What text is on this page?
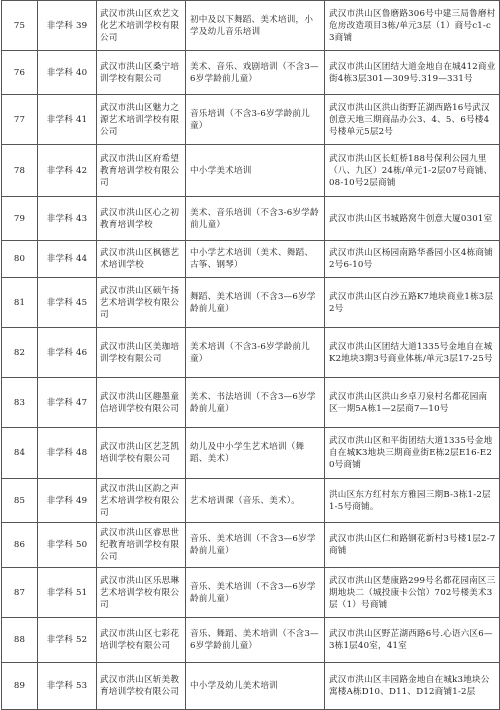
75	非学科 39	武汉市洪山区欢艺文化艺术培训学校有限公司	初中及以下舞蹈、美术培训，小学及幼儿音乐培训	武汉市洪山区鲁磨路306号中建三局鲁磨村危房改造项目3栋/单元3层（1）商号c1-c3商铺
76	非学科 40	武汉市洪山区桑宁培训学校有限公司	美术、音乐、戏剧培训（不含3—6岁学龄前儿童）	武汉市洪山区团结大道金地自在城412商业街4栋3层301—309号.319—331号
77	非学科 41	武汉市洪山区魅力之源艺术培训学校有限公司	音乐培训（不含3-6岁学龄前儿童）	武汉市洪山区洪山街野芷湖西路16号武汉创意天地三期商品办公3、4、5、6号楼4号楼单元5层2号
78	非学科 42	武汉市洪山区府希望教育培训学校有限公司	中小学美术培训	武汉市洪山区长虹桥188号保利公园九里（八、九区）24栋/单元1-2层07号商铺、08-10号2层商铺
79	非学科 43	武汉市洪山区心之初教育培训学校	美术、音乐培训（不含3-6岁学龄前儿童）	武汉市洪山区书城路窝牛创意大厦0301室
80	非学科 44	武汉市洪山区枫德艺术培训学校	中小学艺术培训（美术、舞蹈、古筝、钢琴）	武汉市洪山区杨园南路华番园小区4栋商铺2号6-10号
81	非学科 45	武汉市洪山区硕午扬艺术培训学校有限公司	舞蹈、美术培训（不含3—6岁学龄前儿童）	武汉市洪山区白沙五路K7地块商业1栋3层2号
82	非学科 46	武汉市洪山区美珈培训学校有限公司	美术培训（不含3-6岁学龄前儿童）	武汉市洪山区团结大道1335号金地自在城K2地块3期3号商业体栋/单元3层17-25号
83	非学科 47	武汉市洪山区趣墨童信培训学校有限公司	美术、书法培训（不含3—6岁学龄前儿童）	武汉市洪山区洪山乡卓刀泉村名都花园南区一期5A栋1—2层商7—10号
84	非学科 48	武汉市洪山区艺芝凯培训学校有限公司	幼儿及中小学生艺术培训（舞蹈、美术）	武汉市洪山区和平街团结大道1335号金地自在城K3地块三期商业街E栋2层E16-E20号商铺
85	非学科 49	武汉市洪山区韵之声艺术培训学校有限公司	艺术培训课（音乐、美术）。	洪山区东方红村东方雅园三期B-3栋1-2层1-5号商铺。
86	非学科 50	武汉市洪山区睿思世纪教育培训学校有限公司	音乐、美术培训（不含3—6岁学龄前儿童）	武汉市洪山区仁和路钢花新村3号楼1层2-7商铺
87	非学科 51	武汉市洪山区乐思琳艺术培训学校有限公司	音乐、美术培训（不含3—6岁学龄前儿童）	武汉市洪山区楚康路299号名都花园南区三期地块二（城投康卡公馆）702号楼美术3层（1）号商铺
88	非学科 52	武汉市洪山区七彩花培训学校有限公司	音乐、舞蹈、美术培训（不含3—6岁学龄前儿童）	武汉市洪山区野芷湖西路6号.心语六区6—3栋1层40室，41室
89	非学科 53	武汉市洪山区斩美教育培训学校有限公司	中小学及幼儿美术培训	武汉市洪山区丰园路金地自在城k3地块公寓楼A栋D10、D11、D12商铺1-2层
